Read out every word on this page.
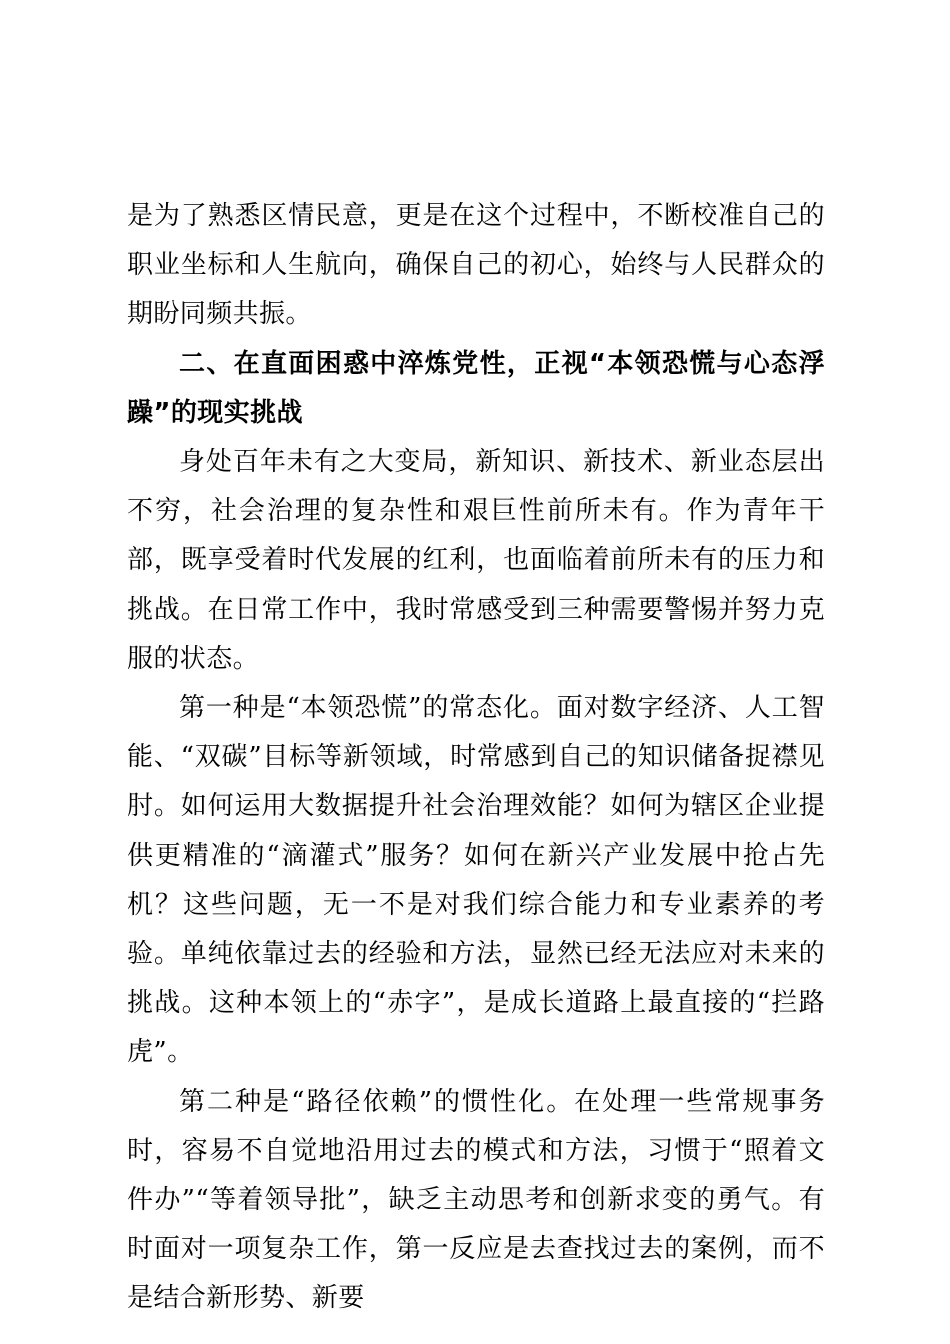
是为了熟悉区情民意，更是在这个过程中，不断校准自己的职业坐标和人生航向，确保自己的初心，始终与人民群众的期盼同频共振。

二、在直面困惑中淬炼党性，正视“本领恐慌与心态浮躁”的现实挑战

身处百年未有之大变局，新知识、新技术、新业态层出不穷，社会治理的复杂性和艰巨性前所未有。作为青年干部，既享受着时代发展的红利，也面临着前所未有的压力和挑战。在日常工作中，我时常感受到三种需要警惕并努力克服的状态。

第一种是“本领恐慌”的常态化。面对数字经济、人工智能、“双碳”目标等新领域，时常感到自己的知识储备捉襟见肘。如何运用大数据提升社会治理效能？如何为辖区企业提供更精准的“滴灌式”服务？如何在新兴产业发展中抢占先机？这些问题，无一不是对我们综合能力和专业素养的考验。单纯依靠过去的经验和方法，显然已经无法应对未来的挑战。这种本领上的“赤字”，是成长道路上最直接的“拦路虎”。

第二种是“路径依赖”的惯性化。在处理一些常规事务时，容易不自觉地沿用过去的模式和方法，习惯于“照着文件办”“等着领导批”，缺乏主动思考和创新求变的勇气。有时面对一项复杂工作，第一反应是去查找过去的案例，而不是结合新形势、新要
